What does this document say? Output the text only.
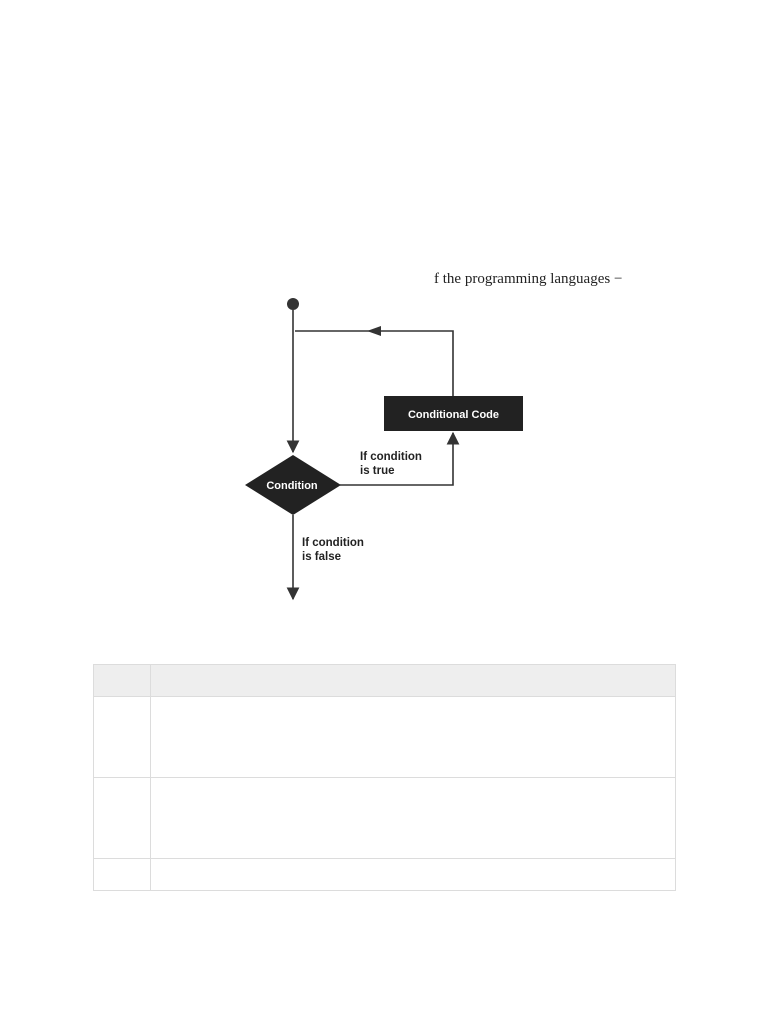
f the programming languages −
Conditional Code
Condition
If condition
is true
If condition
is false
